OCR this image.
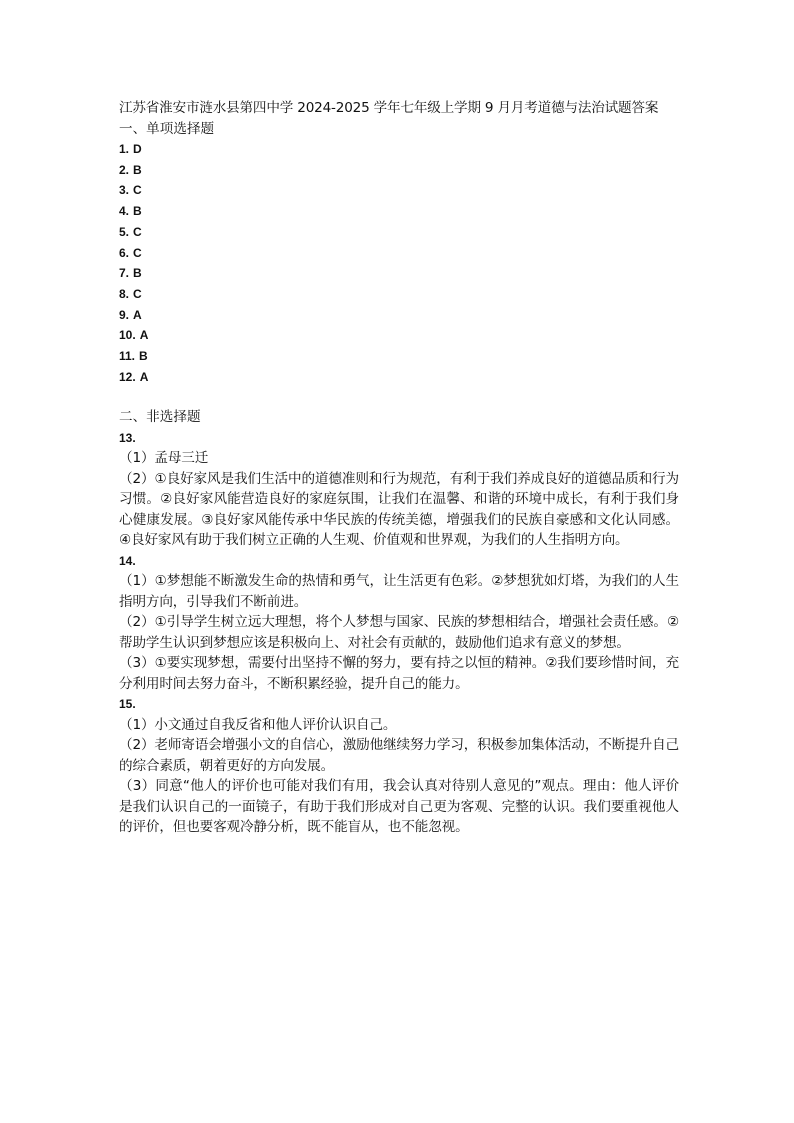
江苏省淮安市涟水县第四中学 2024-2025 学年七年级上学期 9 月月考道德与法治试题答案
一、单项选择题
1. D
2. B
3. C
4. B
5. C
6. C
7. B
8. C
9. A
10. A
11. B
12. A
二、非选择题
13.

（1）孟母三迁

（2）①良好家风是我们生活中的道德准则和行为规范，有利于我们养成良好的道德品质和行为习惯。②良好家风能营造良好的家庭氛围，让我们在温馨、和谐的环境中成长，有利于我们身心健康发展。③良好家风能传承中华民族的传统美德，增强我们的民族自豪感和文化认同感。④良好家风有助于我们树立正确的人生观、价值观和世界观，为我们的人生指明方向。

14.

（1）①梦想能不断激发生命的热情和勇气，让生活更有色彩。②梦想犹如灯塔，为我们的人生指明方向，引导我们不断前进。

（2）①引导学生树立远大理想，将个人梦想与国家、民族的梦想相结合，增强社会责任感。②帮助学生认识到梦想应该是积极向上、对社会有贡献的，鼓励他们追求有意义的梦想。

（3）①要实现梦想，需要付出坚持不懈的努力，要有持之以恒的精神。②我们要珍惜时间，充分利用时间去努力奋斗，不断积累经验，提升自己的能力。

15.

（1）小文通过自我反省和他人评价认识自己。

（2）老师寄语会增强小文的自信心，激励他继续努力学习，积极参加集体活动，不断提升自己的综合素质，朝着更好的方向发展。

（3）同意“他人的评价也可能对我们有用，我会认真对待别人意见的”观点。理由：他人评价是我们认识自己的一面镜子，有助于我们形成对自己更为客观、完整的认识。我们要重视他人的评价，但也要客观冷静分析，既不能盲从，也不能忽视。
